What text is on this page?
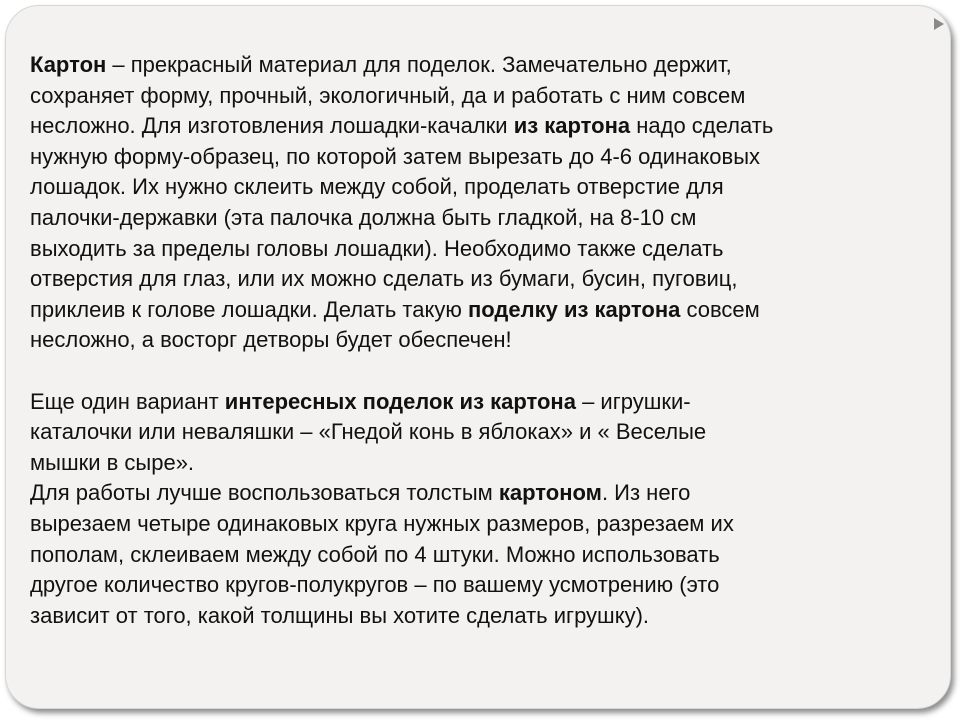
Картон – прекрасный материал для поделок. Замечательно держит,
сохраняет форму, прочный, экологичный, да и работать с ним совсем
несложно. Для изготовления лошадки-качалки из картона надо сделать
нужную форму-образец, по которой затем вырезать до 4-6 одинаковых
лошадок. Их нужно склеить между собой, проделать отверстие для
палочки-державки (эта палочка должна быть гладкой, на 8-10 см
выходить за пределы головы лошадки). Необходимо также сделать
отверстия для глаз, или их можно сделать из бумаги, бусин, пуговиц,
приклеив к голове лошадки. Делать такую поделку из картона совсем
несложно, а восторг детворы будет обеспечен!

Еще один вариант интересных поделок из картона – игрушки-
каталочки или неваляшки – «Гнедой конь в яблоках» и « Веселые
мышки в сыре».

Для работы лучше воспользоваться толстым картоном. Из него
вырезаем четыре одинаковых круга нужных размеров, разрезаем их
пополам, склеиваем между собой по 4 штуки. Можно использовать
другое количество кругов-полукругов – по вашему усмотрению (это
зависит от того, какой толщины вы хотите сделать игрушку).
